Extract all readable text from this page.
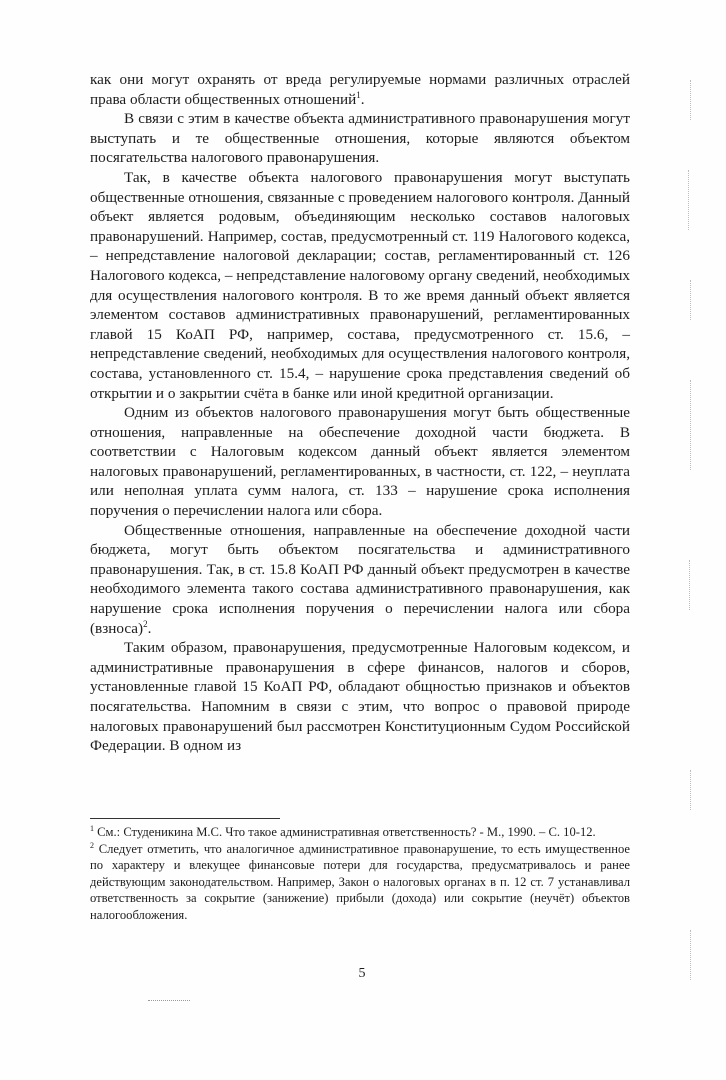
как они могут охранять от вреда регулируемые нормами различных отраслей права области общественных отношений$^1$.

В связи с этим в качестве объекта административного правонарушения могут выступать и те общественные отношения, которые являются объектом посягательства налогового правонарушения.

Так, в качестве объекта налогового правонарушения могут выступать общественные отношения, связанные с проведением налогового контроля. Данный объект является родовым, объединяющим несколько составов налоговых правонарушений. Например, состав, предусмотренный ст. 119 Налогового кодекса, – непредставление налоговой декларации; состав, регламентированный ст. 126 Налогового кодекса, – непредставление налоговому органу сведений, необходимых для осуществления налогового контроля. В то же время данный объект является элементом составов административных правонарушений, регламентированных главой 15 КоАП РФ, например, состава, предусмотренного ст. 15.6, – непредставление сведений, необходимых для осуществления налогового контроля, состава, установленного ст. 15.4, – нарушение срока представления сведений об открытии и о закрытии счёта в банке или иной кредитной организации.

Одним из объектов налогового правонарушения могут быть общественные отношения, направленные на обеспечение доходной части бюджета. В соответствии с Налоговым кодексом данный объект является элементом налоговых правонарушений, регламентированных, в частности, ст. 122, – неуплата или неполная уплата сумм налога, ст. 133 – нарушение срока исполнения поручения о перечислении налога или сбора.

Общественные отношения, направленные на обеспечение доходной части бюджета, могут быть объектом посягательства и административного правонарушения. Так, в ст. 15.8 КоАП РФ данный объект предусмотрен в качестве необходимого элемента такого состава административного правонарушения, как нарушение срока исполнения поручения о перечислении налога или сбора (взноса)$^2$.

Таким образом, правонарушения, предусмотренные Налоговым кодексом, и административные правонарушения в сфере финансов, налогов и сборов, установленные главой 15 КоАП РФ, обладают общностью признаков и объектов посягательства. Напомним в связи с этим, что вопрос о правовой природе налоговых правонарушений был рассмотрен Конституционным Судом Российской Федерации. В одном из

$^1$ См.: Студеникина М.С. Что такое административная ответственность? - М., 1990. – С. 10-12.

$^2$ Следует отметить, что аналогичное административное правонарушение, то есть имущественное по характеру и влекущее финансовые потери для государства, предусматривалось и ранее действующим законодательством. Например, Закон о налоговых органах в п. 12 ст. 7 устанавливал ответственность за сокрытие (занижение) прибыли (дохода) или сокрытие (неучёт) объектов налогообложения.

5
